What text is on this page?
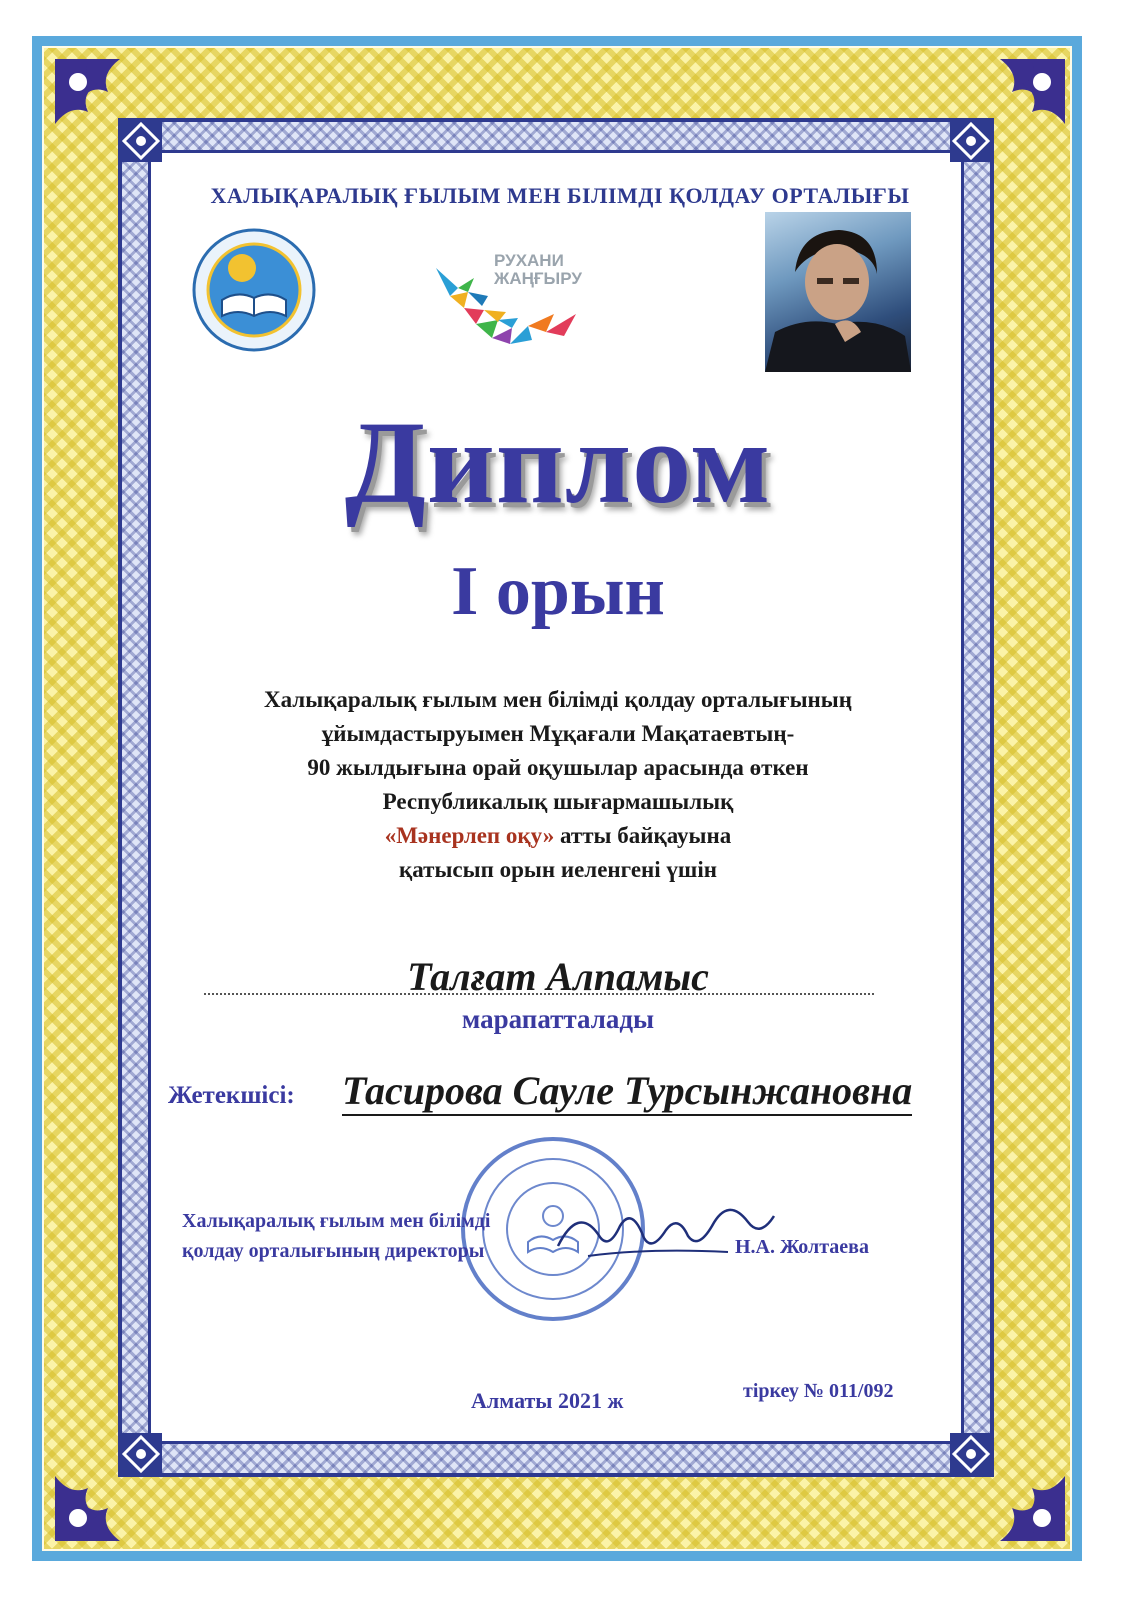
ХАЛЫҚАРАЛЫҚ ҒЫЛЫМ МЕН БІЛІМДІ ҚОЛДАУ ОРТАЛЫҒЫ
РУХАНИ
ЖАҢҒЫРУ
Диплом
І орын
Халықаралық ғылым мен білімді қолдау орталығының
ұйымдастыруымен Мұқағали Мақатаевтың-
90 жылдығына орай оқушылар арасында өткен
Республикалық шығармашылық
«Мәнерлеп оқу» атты байқауына
қатысып орын иеленгені үшін
Талғат Алпамыс
марапатталады
Жетекшісі: Тасирова Сауле Турсынжановна
Халықаралық ғылым мен білімді
қолдау орталығының директоры	Н.А. Жолтаева
Алматы 2021 ж	тіркеу № 011/092
